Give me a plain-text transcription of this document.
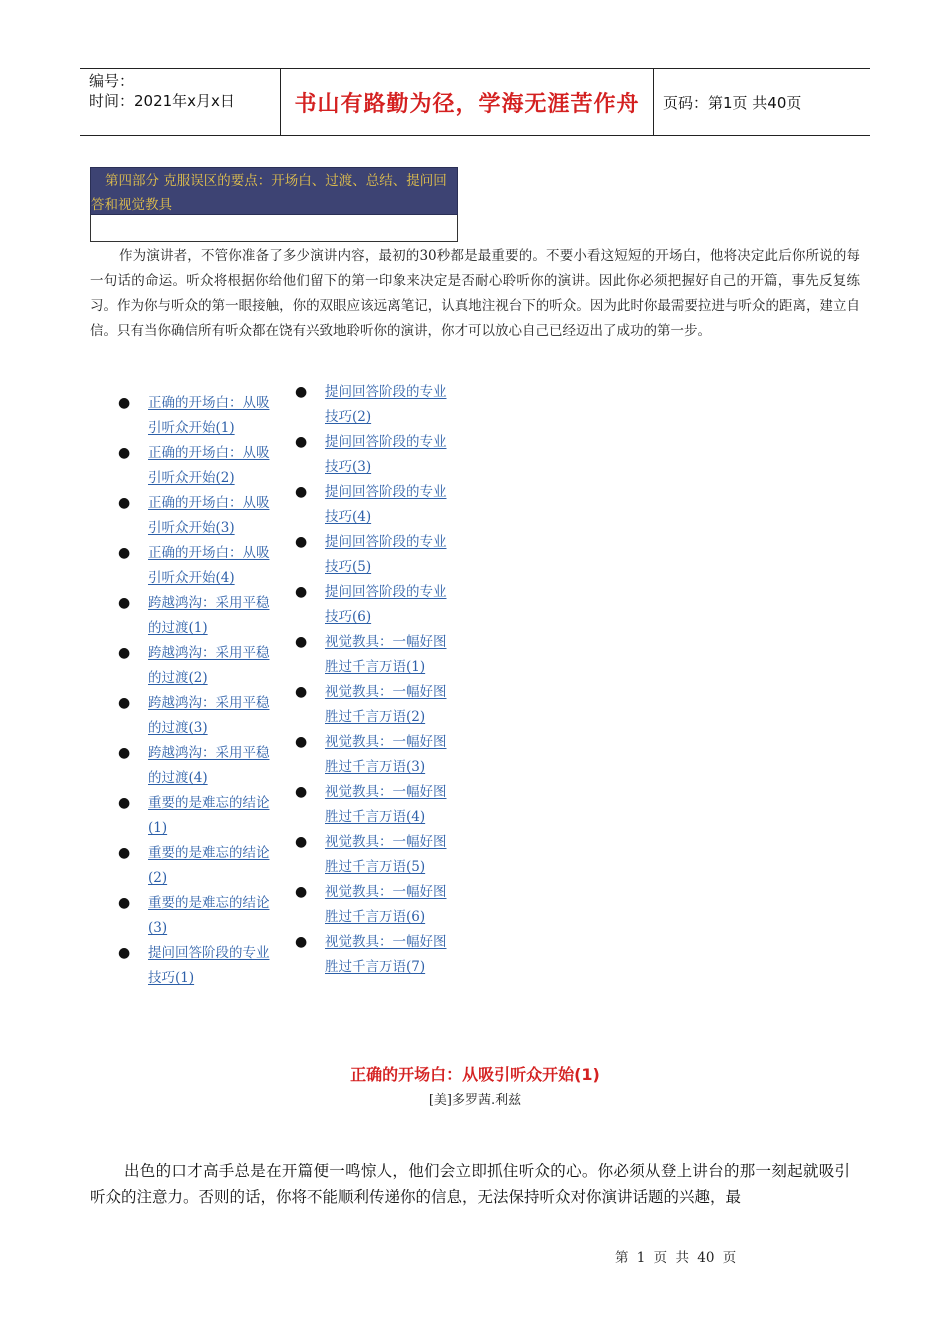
编号：
时间：2021年x月x日	书山有路勤为径，学海无涯苦作舟	页码：第1页 共40页
第四部分 克服误区的要点：开场白、过渡、总结、提问回答和视觉教具

作为演讲者，不管你准备了多少演讲内容，最初的30秒都是最重要的。不要小看这短短的开场白，他将决定此后你所说的每一句话的命运。听众将根据你给他们留下的第一印象来决定是否耐心聆听你的演讲。因此你必须把握好自己的开篇，事先反复练习。作为你与听众的第一眼接触，你的双眼应该远离笔记，认真地注视台下的听众。因为此时你最需要拉进与听众的距离，建立自信。只有当你确信所有听众都在饶有兴致地聆听你的演讲，你才可以放心自己已经迈出了成功的第一步。

● 正确的开场白：从吸引听众开始(1)
● 正确的开场白：从吸引听众开始(2)
● 正确的开场白：从吸引听众开始(3)
● 正确的开场白：从吸引听众开始(4)
● 跨越鸿沟：采用平稳的过渡(1)
● 跨越鸿沟：采用平稳的过渡(2)
● 跨越鸿沟：采用平稳的过渡(3)
● 跨越鸿沟：采用平稳的过渡(4)
● 重要的是难忘的结论(1)
● 重要的是难忘的结论(2)
● 重要的是难忘的结论(3)
● 提问回答阶段的专业技巧(1)
● 提问回答阶段的专业技巧(2)
● 提问回答阶段的专业技巧(3)
● 提问回答阶段的专业技巧(4)
● 提问回答阶段的专业技巧(5)
● 提问回答阶段的专业技巧(6)
● 视觉教具：一幅好图胜过千言万语(1)
● 视觉教具：一幅好图胜过千言万语(2)
● 视觉教具：一幅好图胜过千言万语(3)
● 视觉教具：一幅好图胜过千言万语(4)
● 视觉教具：一幅好图胜过千言万语(5)
● 视觉教具：一幅好图胜过千言万语(6)
● 视觉教具：一幅好图胜过千言万语(7)
正确的开场白：从吸引听众开始(1)
[美]多罗茜.利兹

出色的口才高手总是在开篇便一鸣惊人，他们会立即抓住听众的心。你必须从登上讲台的那一刻起就吸引听众的注意力。否则的话，你将不能顺利传递你的信息，无法保持听众对你演讲话题的兴趣，最

第 1 页 共 40 页
